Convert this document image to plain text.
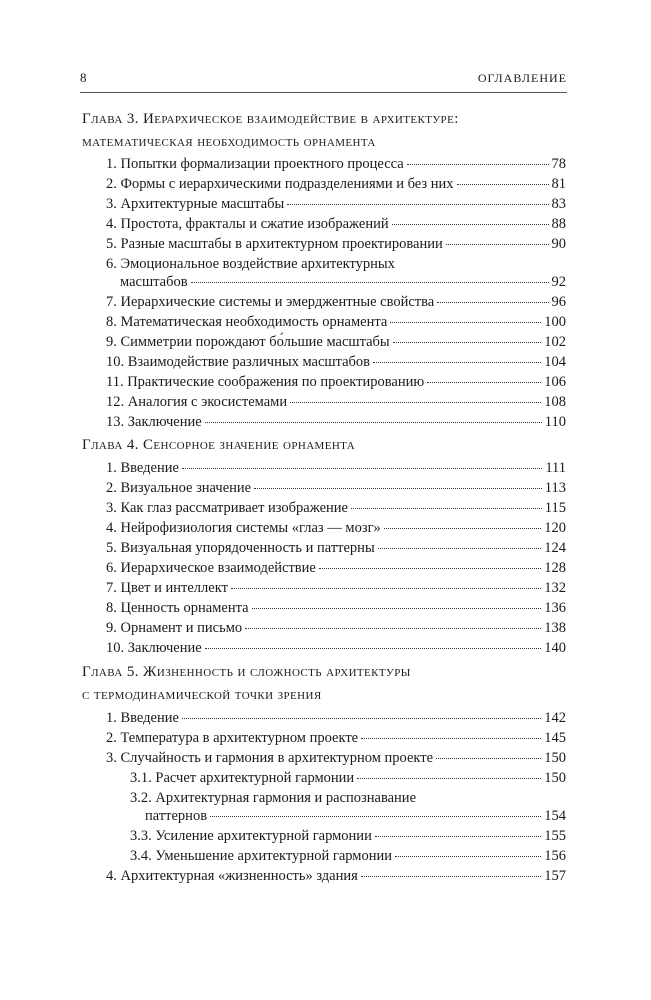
8	ОГЛАВЛЕНИЕ
Глава 3. Иерархическое взаимодействие в архитектуре:
математическая необходимость орнамента
1. Попытки формализации проектного процесса	78
2. Формы с иерархическими подразделениями и без них	81
3. Архитектурные масштабы	83
4. Простота, фракталы и сжатие изображений	88
5. Разные масштабы в архитектурном проектировании	90
6. Эмоциональное воздействие архитектурных
масштабов	92
7. Иерархические системы и эмерджентные свойства	96
8. Математическая необходимость орнамента	100
9. Симметрии порождают бо́льшие масштабы	102
10. Взаимодействие различных масштабов	104
11. Практические соображения по проектированию	106
12. Аналогия с экосистемами	108
13. Заключение	110
Глава 4. Сенсорное значение орнамента
1. Введение	111
2. Визуальное значение	113
3. Как глаз рассматривает изображение	115
4. Нейрофизиология системы «глаз — мозг»	120
5. Визуальная упорядоченность и паттерны	124
6. Иерархическое взаимодействие	128
7. Цвет и интеллект	132
8. Ценность орнамента	136
9. Орнамент и письмо	138
10. Заключение	140
Глава 5. Жизненность и сложность архитектуры
с термодинамической точки зрения
1. Введение	142
2. Температура в архитектурном проекте	145
3. Случайность и гармония в архитектурном проекте	150
3.1. Расчет архитектурной гармонии	150
3.2. Архитектурная гармония и распознавание
паттернов	154
3.3. Усиление архитектурной гармонии	155
3.4. Уменьшение архитектурной гармонии	156
4. Архитектурная «жизненность» здания	157
